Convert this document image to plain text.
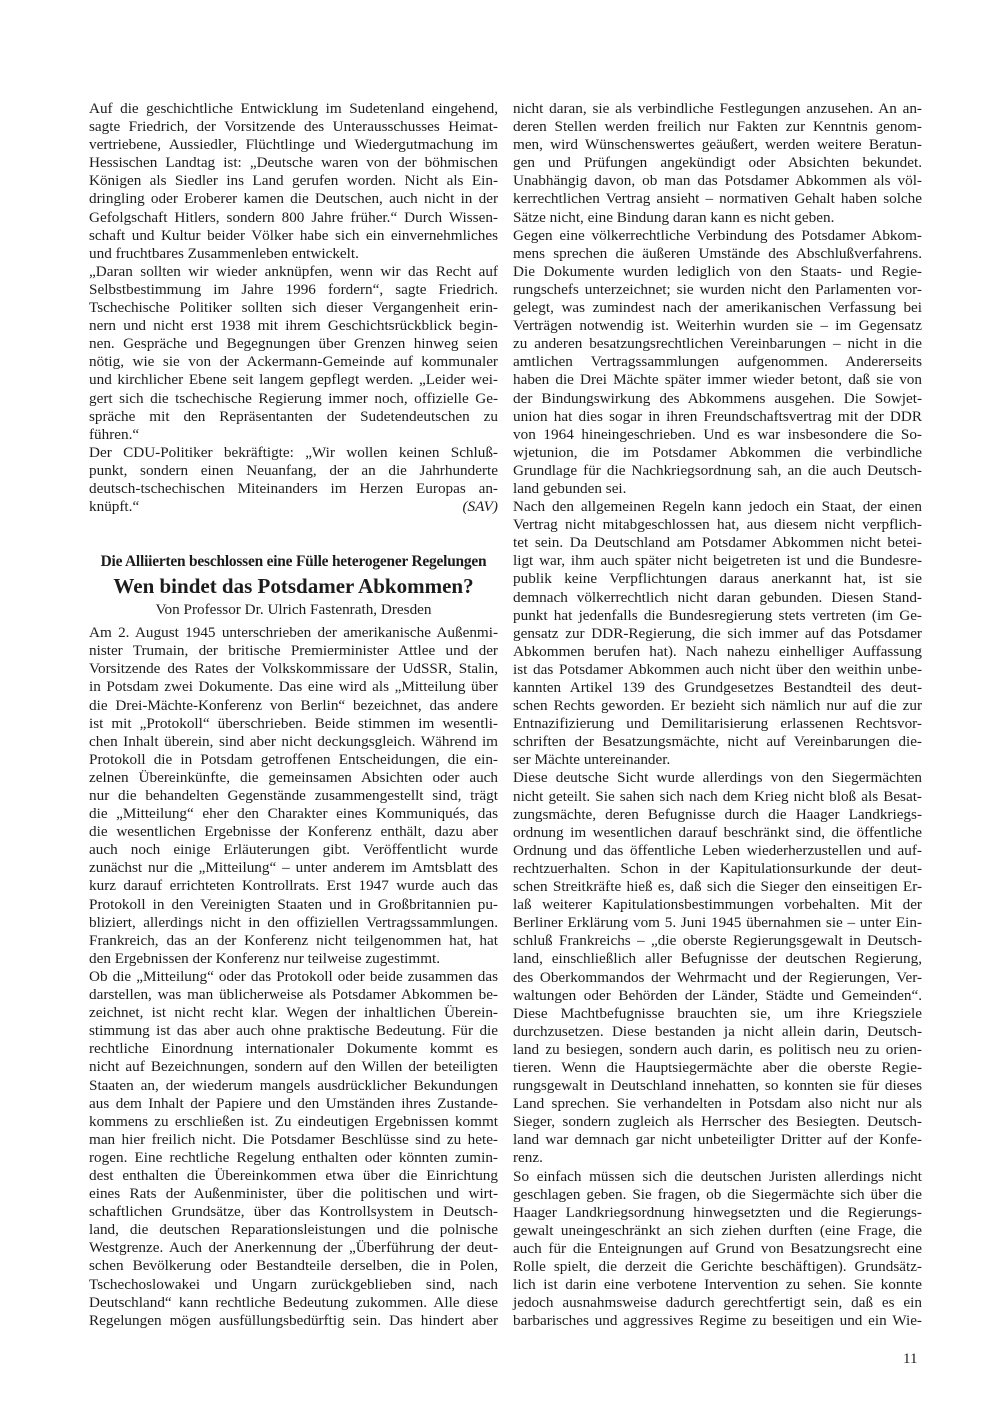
Auf die geschichtliche Entwicklung im Sudetenland eingehend,
sagte Friedrich, der Vorsitzende des Unterausschusses Heimat-
vertriebene, Aussiedler, Flüchtlinge und Wiedergutmachung im
Hessischen Landtag ist: „Deutsche waren von der böhmischen
Königen als Siedler ins Land gerufen worden. Nicht als Ein-
dringling oder Eroberer kamen die Deutschen, auch nicht in der
Gefolgschaft Hitlers, sondern 800 Jahre früher.“ Durch Wissen-
schaft und Kultur beider Völker habe sich ein einvernehmliches
und fruchtbares Zusammenleben entwickelt.
„Daran sollten wir wieder anknüpfen, wenn wir das Recht auf
Selbstbestimmung im Jahre 1996 fordern“, sagte Friedrich.
Tschechische Politiker sollten sich dieser Vergangenheit erin-
nern und nicht erst 1938 mit ihrem Geschichtsrückblick begin-
nen. Gespräche und Begegnungen über Grenzen hinweg seien
nötig, wie sie von der Ackermann-Gemeinde auf kommunaler
und kirchlicher Ebene seit langem gepflegt werden. „Leider wei-
gert sich die tschechische Regierung immer noch, offizielle Ge-
spräche mit den Repräsentanten der Sudetendeutschen zu
führen.“
Der CDU-Politiker bekräftigte: „Wir wollen keinen Schluß-
punkt, sondern einen Neuanfang, der an die Jahrhunderte
deutsch-tschechischen Miteinanders im Herzen Europas an-
knüpft.“	(SAV)
Die Alliierten beschlossen eine Fülle heterogener Regelungen
Wen bindet das Potsdamer Abkommen?
Von Professor Dr. Ulrich Fastenrath, Dresden
Am 2. August 1945 unterschrieben der amerikanische Außenmi-
nister Trumain, der britische Premierminister Attlee und der
Vorsitzende des Rates der Volkskommissare der UdSSR, Stalin,
in Potsdam zwei Dokumente. Das eine wird als „Mitteilung über
die Drei-Mächte-Konferenz von Berlin“ bezeichnet, das andere
ist mit „Protokoll“ überschrieben. Beide stimmen im wesentli-
chen Inhalt überein, sind aber nicht deckungsgleich. Während im
Protokoll die in Potsdam getroffenen Entscheidungen, die ein-
zelnen Übereinkünfte, die gemeinsamen Absichten oder auch
nur die behandelten Gegenstände zusammengestellt sind, trägt
die „Mitteilung“ eher den Charakter eines Kommuniqués, das
die wesentlichen Ergebnisse der Konferenz enthält, dazu aber
auch noch einige Erläuterungen gibt. Veröffentlicht wurde
zunächst nur die „Mitteilung“ – unter anderem im Amtsblatt des
kurz darauf errichteten Kontrollrats. Erst 1947 wurde auch das
Protokoll in den Vereinigten Staaten und in Großbritannien pu-
bliziert, allerdings nicht in den offiziellen Vertragssammlungen.
Frankreich, das an der Konferenz nicht teilgenommen hat, hat
den Ergebnissen der Konferenz nur teilweise zugestimmt.
Ob die „Mitteilung“ oder das Protokoll oder beide zusammen das
darstellen, was man üblicherweise als Potsdamer Abkommen be-
zeichnet, ist nicht recht klar. Wegen der inhaltlichen Überein-
stimmung ist das aber auch ohne praktische Bedeutung. Für die
rechtliche Einordnung internationaler Dokumente kommt es
nicht auf Bezeichnungen, sondern auf den Willen der beteiligten
Staaten an, der wiederum mangels ausdrücklicher Bekundungen
aus dem Inhalt der Papiere und den Umständen ihres Zustande-
kommens zu erschließen ist. Zu eindeutigen Ergebnissen kommt
man hier freilich nicht. Die Potsdamer Beschlüsse sind zu hete-
rogen. Eine rechtliche Regelung enthalten oder könnten zumin-
dest enthalten die Übereinkommen etwa über die Einrichtung
eines Rats der Außenminister, über die politischen und wirt-
schaftlichen Grundsätze, über das Kontrollsystem in Deutsch-
land, die deutschen Reparationsleistungen und die polnische
Westgrenze. Auch der Anerkennung der „Überführung der deut-
schen Bevölkerung oder Bestandteile derselben, die in Polen,
Tschechoslowakei und Ungarn zurückgeblieben sind, nach
Deutschland“ kann rechtliche Bedeutung zukommen. Alle diese
Regelungen mögen ausfüllungsbedürftig sein. Das hindert aber
nicht daran, sie als verbindliche Festlegungen anzusehen. An an-
deren Stellen werden freilich nur Fakten zur Kenntnis genom-
men, wird Wünschenswertes geäußert, werden weitere Beratun-
gen und Prüfungen angekündigt oder Absichten bekundet.
Unabhängig davon, ob man das Potsdamer Abkommen als völ-
kerrechtlichen Vertrag ansieht – normativen Gehalt haben solche
Sätze nicht, eine Bindung daran kann es nicht geben.
Gegen eine völkerrechtliche Verbindung des Potsdamer Abkom-
mens sprechen die äußeren Umstände des Abschlußverfahrens.
Die Dokumente wurden lediglich von den Staats- und Regie-
rungschefs unterzeichnet; sie wurden nicht den Parlamenten vor-
gelegt, was zumindest nach der amerikanischen Verfassung bei
Verträgen notwendig ist. Weiterhin wurden sie – im Gegensatz
zu anderen besatzungsrechtlichen Vereinbarungen – nicht in die
amtlichen Vertragssammlungen aufgenommen. Andererseits
haben die Drei Mächte später immer wieder betont, daß sie von
der Bindungswirkung des Abkommens ausgehen. Die Sowjet-
union hat dies sogar in ihren Freundschaftsvertrag mit der DDR
von 1964 hineingeschrieben. Und es war insbesondere die So-
wjetunion, die im Potsdamer Abkommen die verbindliche
Grundlage für die Nachkriegsordnung sah, an die auch Deutsch-
land gebunden sei.
Nach den allgemeinen Regeln kann jedoch ein Staat, der einen
Vertrag nicht mitabgeschlossen hat, aus diesem nicht verpflich-
tet sein. Da Deutschland am Potsdamer Abkommen nicht betei-
ligt war, ihm auch später nicht beigetreten ist und die Bundesre-
publik keine Verpflichtungen daraus anerkannt hat, ist sie
demnach völkerrechtlich nicht daran gebunden. Diesen Stand-
punkt hat jedenfalls die Bundesregierung stets vertreten (im Ge-
gensatz zur DDR-Regierung, die sich immer auf das Potsdamer
Abkommen berufen hat). Nach nahezu einhelliger Auffassung
ist das Potsdamer Abkommen auch nicht über den weithin unbe-
kannten Artikel 139 des Grundgesetzes Bestandteil des deut-
schen Rechts geworden. Er bezieht sich nämlich nur auf die zur
Entnazifizierung und Demilitarisierung erlassenen Rechtsvor-
schriften der Besatzungsmächte, nicht auf Vereinbarungen die-
ser Mächte untereinander.
Diese deutsche Sicht wurde allerdings von den Siegermächten
nicht geteilt. Sie sahen sich nach dem Krieg nicht bloß als Besat-
zungsmächte, deren Befugnisse durch die Haager Landkriegs-
ordnung im wesentlichen darauf beschränkt sind, die öffentliche
Ordnung und das öffentliche Leben wiederherzustellen und auf-
rechtzuerhalten. Schon in der Kapitulationsurkunde der deut-
schen Streitkräfte hieß es, daß sich die Sieger den einseitigen Er-
laß weiterer Kapitulationsbestimmungen vorbehalten. Mit der
Berliner Erklärung vom 5. Juni 1945 übernahmen sie – unter Ein-
schluß Frankreichs – „die oberste Regierungsgewalt in Deutsch-
land, einschließlich aller Befugnisse der deutschen Regierung,
des Oberkommandos der Wehrmacht und der Regierungen, Ver-
waltungen oder Behörden der Länder, Städte und Gemeinden“.
Diese Machtbefugnisse brauchten sie, um ihre Kriegsziele
durchzusetzen. Diese bestanden ja nicht allein darin, Deutsch-
land zu besiegen, sondern auch darin, es politisch neu zu orien-
tieren. Wenn die Hauptsiegermächte aber die oberste Regie-
rungsgewalt in Deutschland innehatten, so konnten sie für dieses
Land sprechen. Sie verhandelten in Potsdam also nicht nur als
Sieger, sondern zugleich als Herrscher des Besiegten. Deutsch-
land war demnach gar nicht unbeteiligter Dritter auf der Konfe-
renz.
So einfach müssen sich die deutschen Juristen allerdings nicht
geschlagen geben. Sie fragen, ob die Siegermächte sich über die
Haager Landkriegsordnung hinwegsetzten und die Regierungs-
gewalt uneingeschränkt an sich ziehen durften (eine Frage, die
auch für die Enteignungen auf Grund von Besatzungsrecht eine
Rolle spielt, die derzeit die Gerichte beschäftigen). Grundsätz-
lich ist darin eine verbotene Intervention zu sehen. Sie konnte
jedoch ausnahmsweise dadurch gerechtfertigt sein, daß es ein
barbarisches und aggressives Regime zu beseitigen und ein Wie-
11
